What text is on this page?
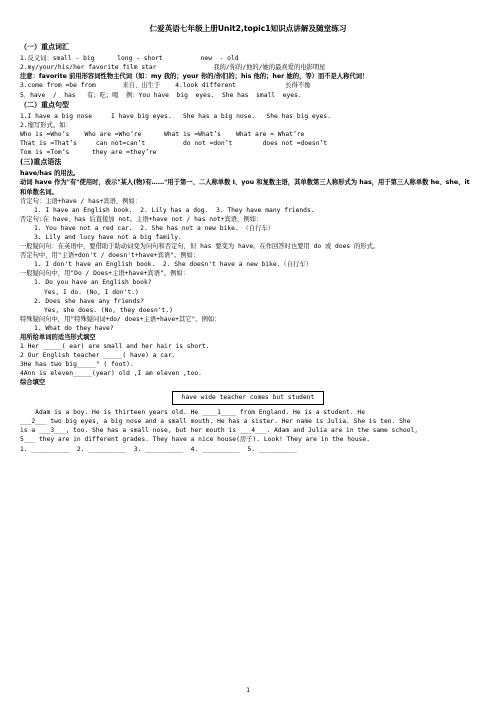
仁爱英语七年级上册Unit2,topic1知识点讲解及随堂练习
（一）重点词汇
1.反义词：small - big      long - short          new  - old
2.my/your/his/her favorite film star               我的/你的/他的/她的最喜爱的电影明星
注意：favorite 前用形容词性物主代词（如：my 我的；your 你的/你们的；his 他的；her 她的，等）而不是人称代词！
3.come from =be from       来自、出生于    4.look different             长得不像
5．have  /  has   有；吃；喝  例：You have  big  eyes.  She has  small  eyes.
（二）重点句型
1.I have a big nose     I have big eyes.   She has a big nose.   She has big eyes.
2.缩写形式。如：
Who is =Who’s    Who are =Who’re      What is =What’s    What are = What’re
That is =That’s     can not=can’t          do not =don’t        does not =doesn’t
Tom is =Tom’s      they are =they’re
(三)重点语法
have/has 的用法。
动词 have 作为"有"使用时，表示"某人(物)有……"用于第一、二人称单数 I、you 和复数主语，其单数第三人称形式为 has，用于第三人称单数 he、she、it 和单数名词。
肯定句：主语+have / has+宾语，例如：
1. I have an English book.  2. Lily has a dog.  3. They have many friends.
否定句:在 have、has 后直接加 not。主语+have not / has not+宾语，例如：
1. You have not a red car.  2. She has not a new bike. （自行车）
3. Lily and lucy have not a big family.
一般疑问句：在英语中，要借助于助动词变为问句和否定句，但 has 要变为 have。在作回答时也要用 do 或 does 的形式。
否定句中，用"主语+don't / doesn't+have+宾语"。例如：
1. I don't have an English book.  2. She doesn't have a new bike.（自行车）
一般疑问句中，用"Do / Does+主语+have+宾语"。例如：
1. Do you have an English book?
Yes, I do. (No, I don't.)
2. Does she have any friends?
Yes, she does. (No, they doesn't.)
特殊疑问句中，用"特殊疑问词+do/ does+主语+have+其它"。例如：
1. What do they have?
用所给单词的适当形式填空
1 Her _____( ear) are small and her hair is short.
2 Our English teacher _____( have) a car.
3He has two big_____" ( foot).
4Ann is eleven_____(year) old ,I am eleven ,too.
综合填空
have wide teacher comes but student
Adam is a boy. He is thirteen years old. He ____1____ from England. He is a student. He
___2___ two big eyes, a big nose and a small mouth. He has a sister. Her name is Julia. She is ten. She
is a ___3___, too. She has a small nose, but her mouth is ___4___. Adam and Julia are in the same school,
5___ they are in different grades. They have a nice house(房子). Look! They are in the house.
1. __________  2. __________  3. __________  4. __________  5. __________
1
